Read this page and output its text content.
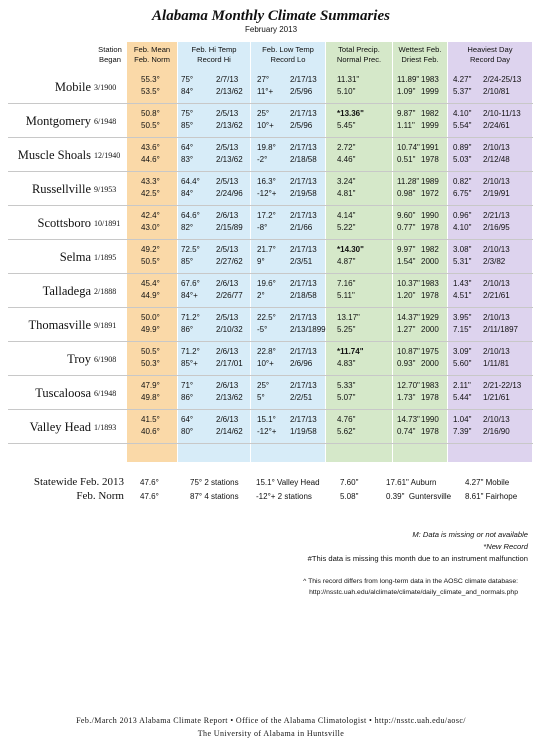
Alabama Monthly Climate Summaries
February 2013
Station
Began
Feb. Mean
Feb. Norm
Feb. Hi Temp
Record Hi
Feb. Low Temp
Record Lo
Total Precip.
Normal Prec.
Wettest Feb.
Driest Feb.
Heaviest Day
Record Day
Mobile 3/1900
55.3°
53.5°
75°
84°
2/7/13
2/13/62
27°
11°+
2/17/13
2/5/96
11.31"
5.10"
11.89"
1.09"
1983
1999
4.27"
5.37"
2/24-25/13
2/10/81
Montgomery 6/1948
50.8°
50.5°
75°
85°
2/5/13
2/13/62
25°
10°+
2/17/13
2/5/96
*13.36"
5.45"
9.87"
1.11"
1982
1999
4.10"
5.54"
2/10-11/13
2/24/61
Muscle Shoals 12/1940
43.6°
44.6°
64°
83°
2/5/13
2/13/62
19.8°
-2°
2/17/13
2/18/58
2.72"
4.46"
10.74"
0.51"
1991
1978
0.89"
5.03"
2/10/13
2/12/48
Russellville 9/1953
43.3°
42.5°
64.4°
84°
2/5/13
2/24/96
16.3°
-12°+
2/17/13
2/19/58
3.24"
4.81"
11.28"
0.98"
1989
1972
0.82"
6.75"
2/10/13
2/19/91
Scottsboro 10/1891
42.4°
43.0°
64.6°
82°
2/6/13
2/15/89
17.2°
-8°
2/17/13
2/1/66
4.14"
5.22"
9.60"
0.77"
1990
1978
0.96"
4.10"
2/21/13
2/16/95
Selma 1/1895
49.2°
50.5°
72.5°
85°
2/5/13
2/27/62
21.7°
9°
2/17/13
2/3/51
*14.30"
4.87"
9.97"
1.54"
1982
2000
3.08"
5.31"
2/10/13
2/3/82
Talladega 2/1888
45.4°
44.9°
67.6°
84°+
2/6/13
2/26/77
19.6°
2°
2/17/13
2/18/58
7.16"
5.11"
10.37"
1.20"
1983
1978
1.43"
4.51"
2/10/13
2/21/61
Thomasville 9/1891
50.0°
49.9°
71.2°
86°
2/5/13
2/10/32
22.5°
-5°
2/17/13
2/13/1899
13.17"
5.25"
14.37"
1.27"
1929
2000
3.95"
7.15"
2/10/13
2/11/1897
Troy 6/1908
50.5°
50.3°
71.2°
85°+
2/6/13
2/17/01
22.8°
10°+
2/17/13
2/6/96
*11.74"
4.83"
10.87"
0.93"
1975
2000
3.09"
5.60"
2/10/13
1/11/81
Tuscaloosa 6/1948
47.9°
49.8°
71°
86°
2/6/13
2/13/62
25°
5°
2/17/13
2/2/51
5.33"
5.07"
12.70"
1.73"
1983
1978
2.11"
5.44"
2/21-22/13
1/21/61
Valley Head 1/1893
41.5°
40.6°
64°
80°
2/6/13
2/14/62
15.1°
-12°+
2/17/13
1/19/58
4.76"
5.62"
14.73"
0.74"
1990
1978
1.04"
7.39"
2/10/13
2/16/90
Statewide Feb. 2013
Feb. Norm
47.6°
47.6°
75° 2 stations
87° 4 stations
15.1° Valley Head
-12°+ 2 stations
7.60"
5.08"
17.61" Auburn
0.39"  Guntersville
4.27" Mobile
8.61" Fairhope
M: Data is missing or not available
*New Record
#This data is missing this month due to an instrument malfunction
^ This record differs from long-term data in the AOSC climate database:
http://nsstc.uah.edu/alclimate/climate/daily_climate_and_normals.php
Feb./March 2013 Alabama Climate Report • Office of the Alabama Climatologist • http://nsstc.uah.edu/aosc/
The University of Alabama in Huntsville
